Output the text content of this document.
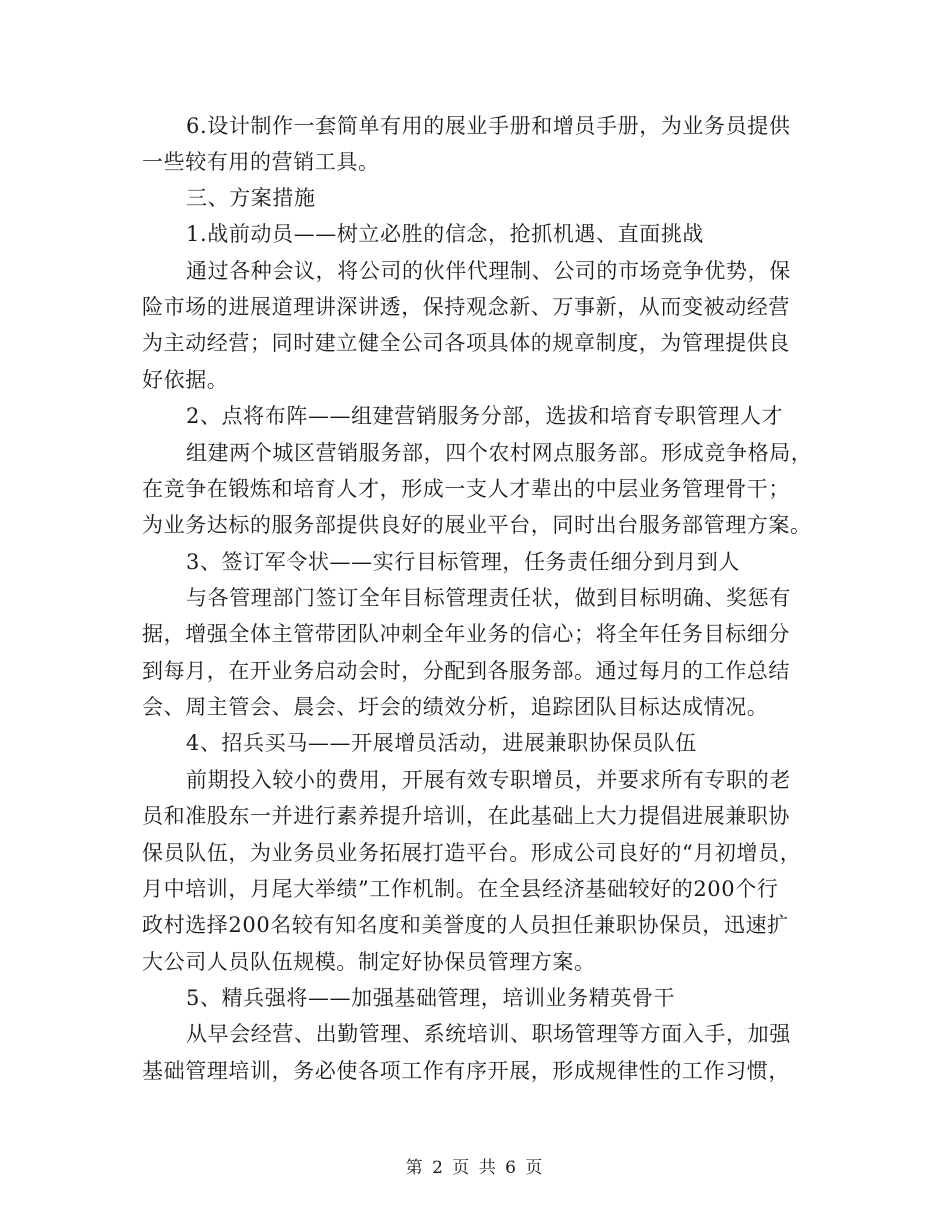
6.设计制作一套简单有用的展业手册和增员手册，为业务员提供
一些较有用的营销工具。
三、方案措施
1.战前动员——树立必胜的信念，抢抓机遇、直面挑战
通过各种会议，将公司的伙伴代理制、公司的市场竞争优势，保
险市场的进展道理讲深讲透，保持观念新、万事新，从而变被动经营
为主动经营；同时建立健全公司各项具体的规章制度，为管理提供良
好依据。
2、点将布阵——组建营销服务分部，选拔和培育专职管理人才
组建两个城区营销服务部，四个农村网点服务部。形成竞争格局，
在竞争在锻炼和培育人才，形成一支人才辈出的中层业务管理骨干；
为业务达标的服务部提供良好的展业平台，同时出台服务部管理方案。
3、签订军令状——实行目标管理，任务责任细分到月到人
与各管理部门签订全年目标管理责任状，做到目标明确、奖惩有
据，增强全体主管带团队冲刺全年业务的信心；将全年任务目标细分
到每月，在开业务启动会时，分配到各服务部。通过每月的工作总结
会、周主管会、晨会、圩会的绩效分析，追踪团队目标达成情况。
4、招兵买马——开展增员活动，进展兼职协保员队伍
前期投入较小的费用，开展有效专职增员，并要求所有专职的老
员和准股东一并进行素养提升培训，在此基础上大力提倡进展兼职协
保员队伍，为业务员业务拓展打造平台。形成公司良好的“月初增员，
月中培训，月尾大举绩”工作机制。在全县经济基础较好的200个行
政村选择200名较有知名度和美誉度的人员担任兼职协保员，迅速扩
大公司人员队伍规模。制定好协保员管理方案。
5、精兵强将——加强基础管理，培训业务精英骨干
从早会经营、出勤管理、系统培训、职场管理等方面入手，加强
基础管理培训，务必使各项工作有序开展，形成规律性的工作习惯，
第 2 页 共 6 页
